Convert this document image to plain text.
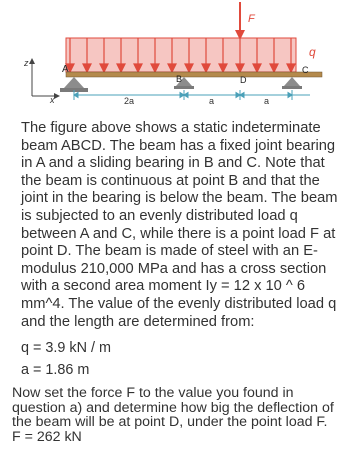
F
q
A
B	D
C
z
x	2a	a	a

The figure above shows a static indeterminate beam ABCD. The beam has a fixed joint bearing in A and a sliding bearing in B and C. Note that the beam is continuous at point B and that the joint in the bearing is below the beam. The beam is subjected to an evenly distributed load q between A and C, while there is a point load F at point D. The beam is made of steel with an E-modulus 210,000 MPa and has a cross section with a second area moment Iy = 12 x 10 ^ 6 mm^4. The value of the evenly distributed load q and the length are determined from:

q = 3.9 kN / m

a = 1.86 m

Now set the force F to the value you found in question a) and determine how big the deflection of the beam will be at point D, under the point load F.

F = 262 kN
